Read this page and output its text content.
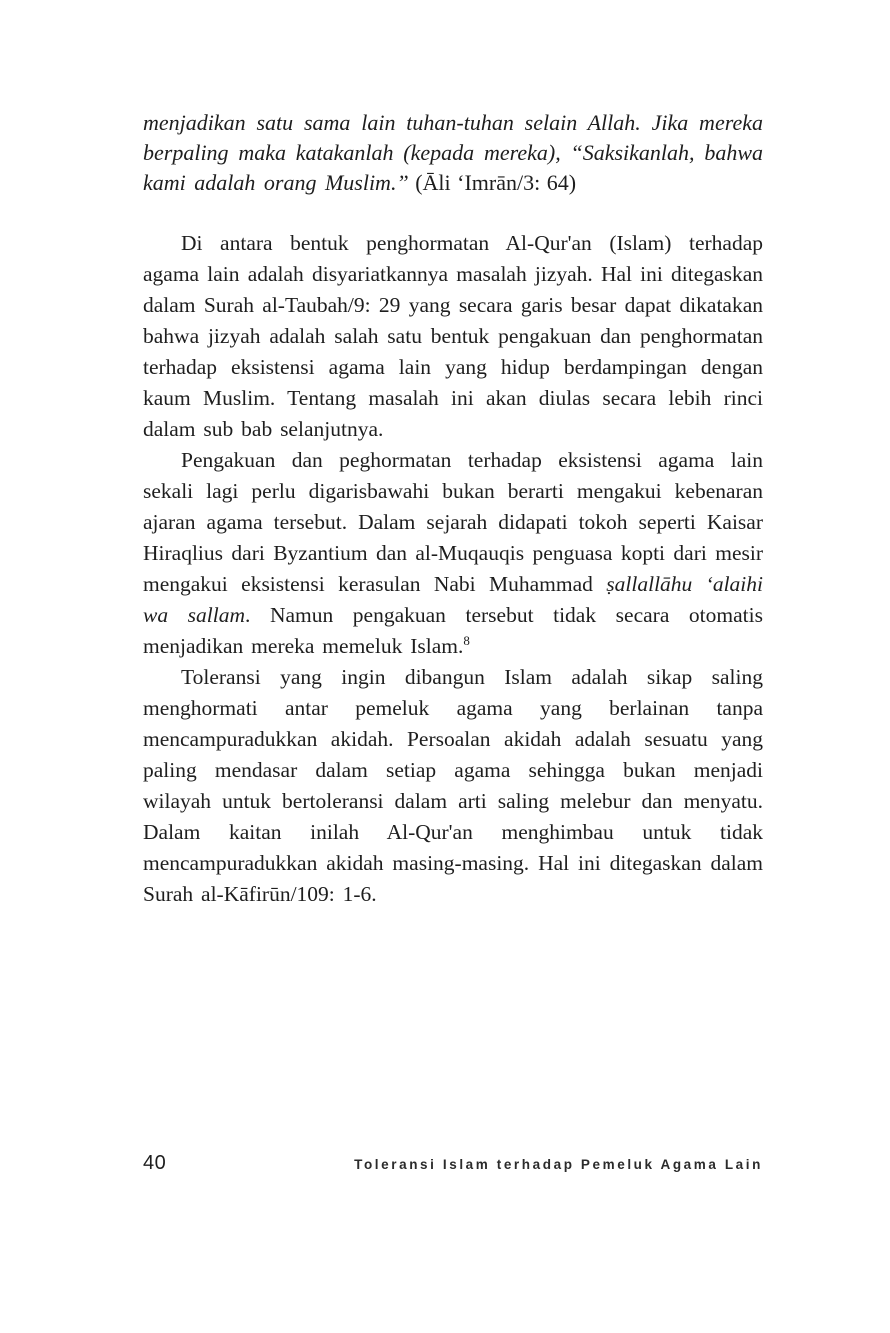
menjadikan satu sama lain tuhan-tuhan selain Allah. Jika mereka berpaling maka katakanlah (kepada mereka), “Saksikanlah, bahwa kami adalah orang Muslim.” (Āli ʻImrān/3: 64)

Di antara bentuk penghormatan Al-Qur'an (Islam) terhadap agama lain adalah disyariatkannya masalah jizyah. Hal ini ditegaskan dalam Surah al-Taubah/9: 29 yang secara garis besar dapat dikatakan bahwa jizyah adalah salah satu bentuk pengakuan dan penghormatan terhadap eksistensi agama lain yang hidup berdampingan dengan kaum Muslim. Tentang masalah ini akan diulas secara lebih rinci dalam sub bab selanjutnya.

Pengakuan dan peghormatan terhadap eksistensi agama lain sekali lagi perlu digarisbawahi bukan berarti mengakui kebenaran ajaran agama tersebut. Dalam sejarah didapati tokoh seperti Kaisar Hiraqlius dari Byzantium dan al-Muqauqis penguasa kopti dari mesir mengakui eksistensi kerasulan Nabi Muhammad ṣallallāhu ʻalaihi wa sallam. Namun pengakuan tersebut tidak secara otomatis menjadikan mereka memeluk Islam.$^8$

Toleransi yang ingin dibangun Islam adalah sikap saling menghormati antar pemeluk agama yang berlainan tanpa mencampuradukkan akidah. Persoalan akidah adalah sesuatu yang paling mendasar dalam setiap agama sehingga bukan menjadi wilayah untuk bertoleransi dalam arti saling melebur dan menyatu. Dalam kaitan inilah Al-Qur'an menghimbau untuk tidak mencampuradukkan akidah masing-masing. Hal ini ditegaskan dalam Surah al-Kāfirūn/109: 1-6.

40	Toleransi Islam terhadap Pemeluk Agama Lain
